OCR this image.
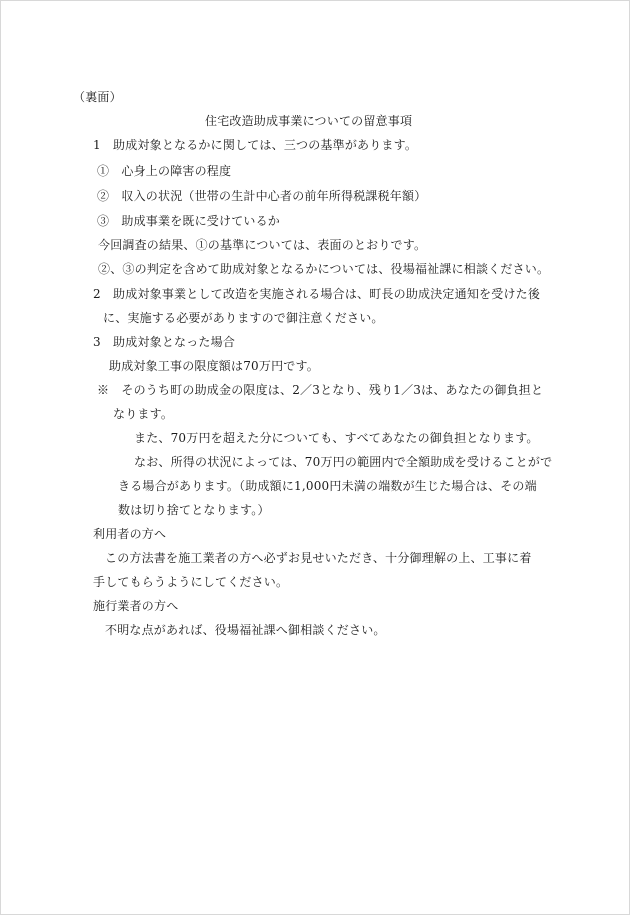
（裏面）
住宅改造助成事業についての留意事項
1　助成対象となるかに関しては、三つの基準があります。
①　心身上の障害の程度
②　収入の状況（世帯の生計中心者の前年所得税課税年額）
③　助成事業を既に受けているか
今回調査の結果、①の基準については、表面のとおりです。
②、③の判定を含めて助成対象となるかについては、役場福祉課に相談ください。
2　助成対象事業として改造を実施される場合は、町長の助成決定通知を受けた後
に、実施する必要がありますので御注意ください。
3　助成対象となった場合
助成対象工事の限度額は70万円です。
※　そのうち町の助成金の限度は、2／3となり、残り1／3は、あなたの御負担と
なります。
また、70万円を超えた分についても、すべてあなたの御負担となります。
なお、所得の状況によっては、70万円の範囲内で全額助成を受けることがで
きる場合があります。（助成額に1,000円未満の端数が生じた場合は、その端
数は切り捨てとなります。）
利用者の方へ
この方法書を施工業者の方へ必ずお見せいただき、十分御理解の上、工事に着
手してもらうようにしてください。
施行業者の方へ
不明な点があれば、役場福祉課へ御相談ください。
